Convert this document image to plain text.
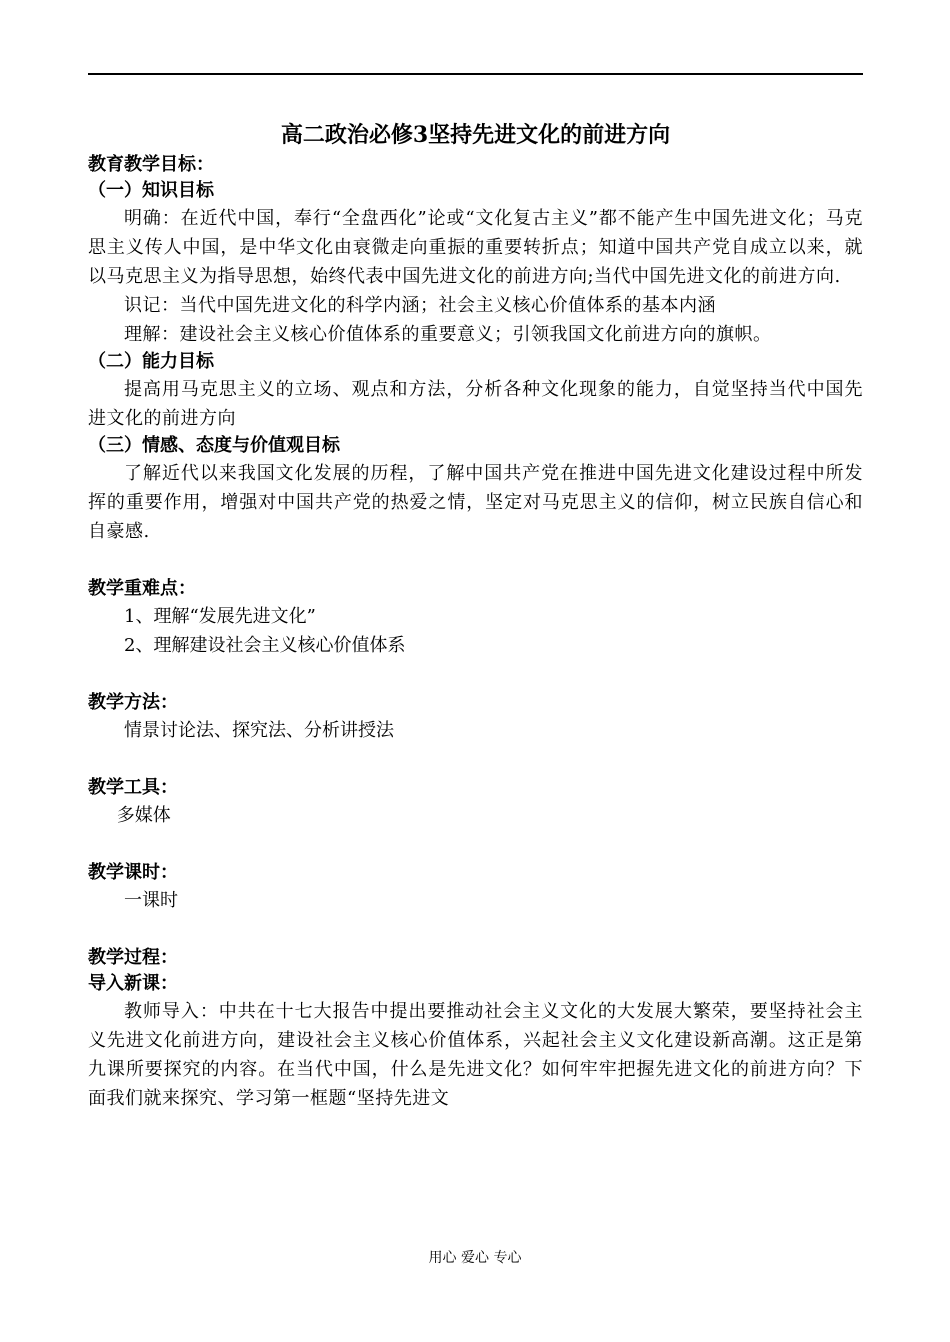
高二政治必修3坚持先进文化的前进方向

教育教学目标：

（一）知识目标

明确：在近代中国，奉行“全盘西化”论或“文化复古主义”都不能产生中国先进文化；马克思主义传人中国，是中华文化由衰微走向重振的重要转折点；知道中国共产党自成立以来，就以马克思主义为指导思想，始终代表中国先进文化的前进方向;当代中国先进文化的前进方向.

识记：当代中国先进文化的科学内涵；社会主义核心价值体系的基本内涵

理解：建设社会主义核心价值体系的重要意义；引领我国文化前进方向的旗帜。

（二）能力目标

提高用马克思主义的立场、观点和方法，分析各种文化现象的能力，自觉坚持当代中国先进文化的前进方向

（三）情感、态度与价值观目标

了解近代以来我国文化发展的历程，了解中国共产党在推进中国先进文化建设过程中所发挥的重要作用，增强对中国共产党的热爱之情，坚定对马克思主义的信仰，树立民族自信心和自豪感.

教学重难点：

1、理解“发展先进文化”

2、理解建设社会主义核心价值体系

教学方法：

情景讨论法、探究法、分析讲授法

教学工具：

多媒体

教学课时：

一课时

教学过程：

导入新课：

教师导入：中共在十七大报告中提出要推动社会主义文化的大发展大繁荣，要坚持社会主义先进文化前进方向，建设社会主义核心价值体系，兴起社会主义文化建设新高潮。这正是第九课所要探究的内容。在当代中国，什么是先进文化？如何牢牢把握先进文化的前进方向？下面我们就来探究、学习第一框题“坚持先进文

用心 爱心 专心
